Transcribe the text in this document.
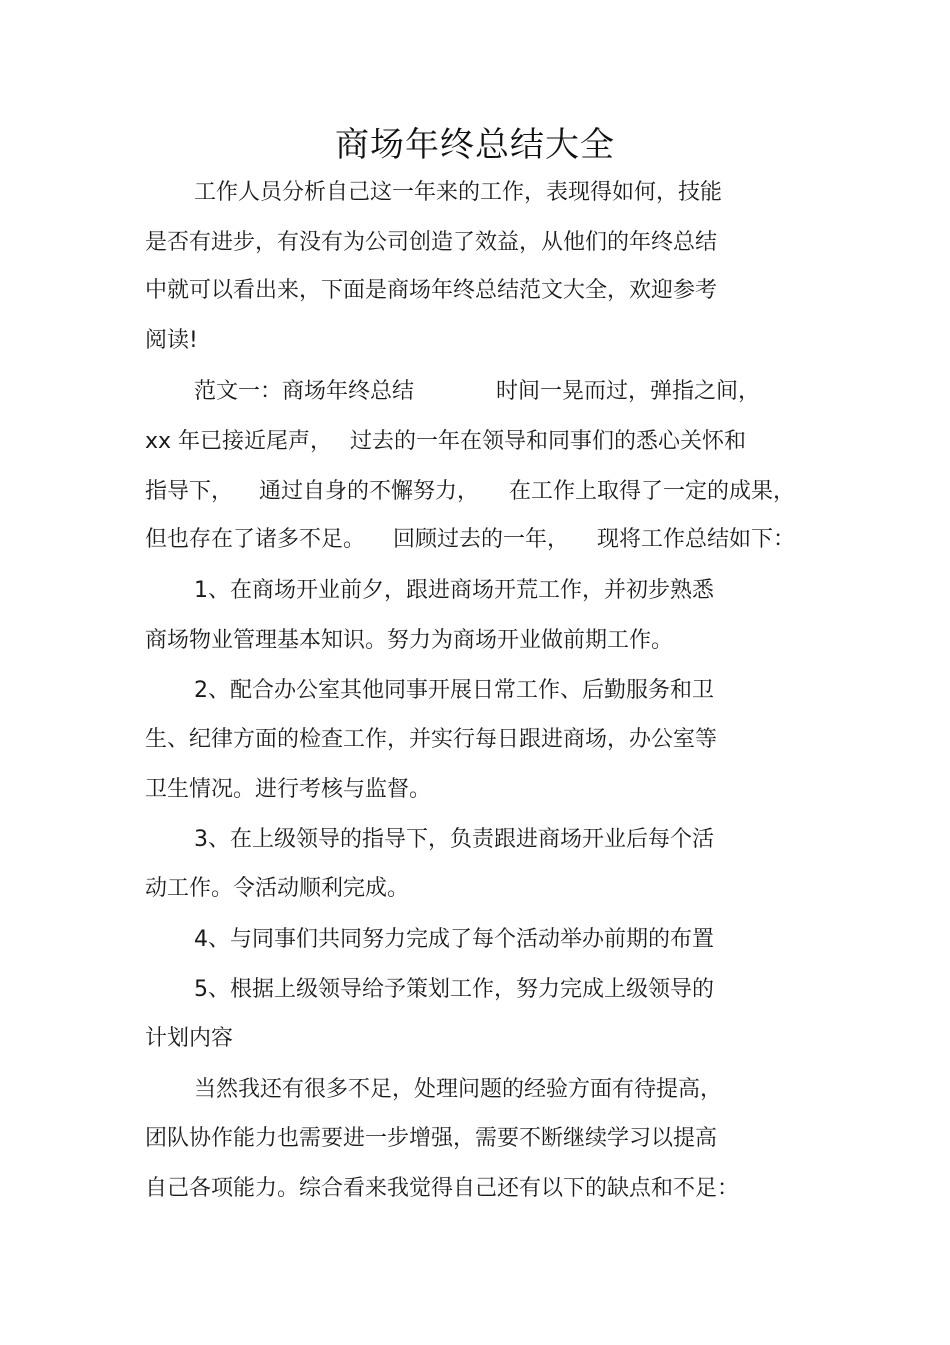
商场年终总结大全
工作人员分析自己这一年来的工作，表现得如何，技能
是否有进步，有没有为公司创造了效益，从他们的年终总结
中就可以看出来，下面是商场年终总结范文大全，欢迎参考
阅读!
范文一：商场年终总结	时间一晃而过，弹指之间，
xx 年已接近尾声， 过去的一年在领导和同事们的悉心关怀和
指导下， 通过自身的不懈努力， 在工作上取得了一定的成果，
但也存在了诸多不足。 回顾过去的一年， 现将工作总结如下：
1、在商场开业前夕，跟进商场开荒工作，并初步熟悉
商场物业管理基本知识。努力为商场开业做前期工作。
2、配合办公室其他同事开展日常工作、后勤服务和卫
生、纪律方面的检查工作，并实行每日跟进商场，办公室等
卫生情况。进行考核与监督。
3、在上级领导的指导下，负责跟进商场开业后每个活
动工作。令活动顺利完成。
4、与同事们共同努力完成了每个活动举办前期的布置
5、根据上级领导给予策划工作，努力完成上级领导的
计划内容
当然我还有很多不足，处理问题的经验方面有待提高，
团队协作能力也需要进一步增强，需要不断继续学习以提高
自己各项能力。综合看来我觉得自己还有以下的缺点和不足：
